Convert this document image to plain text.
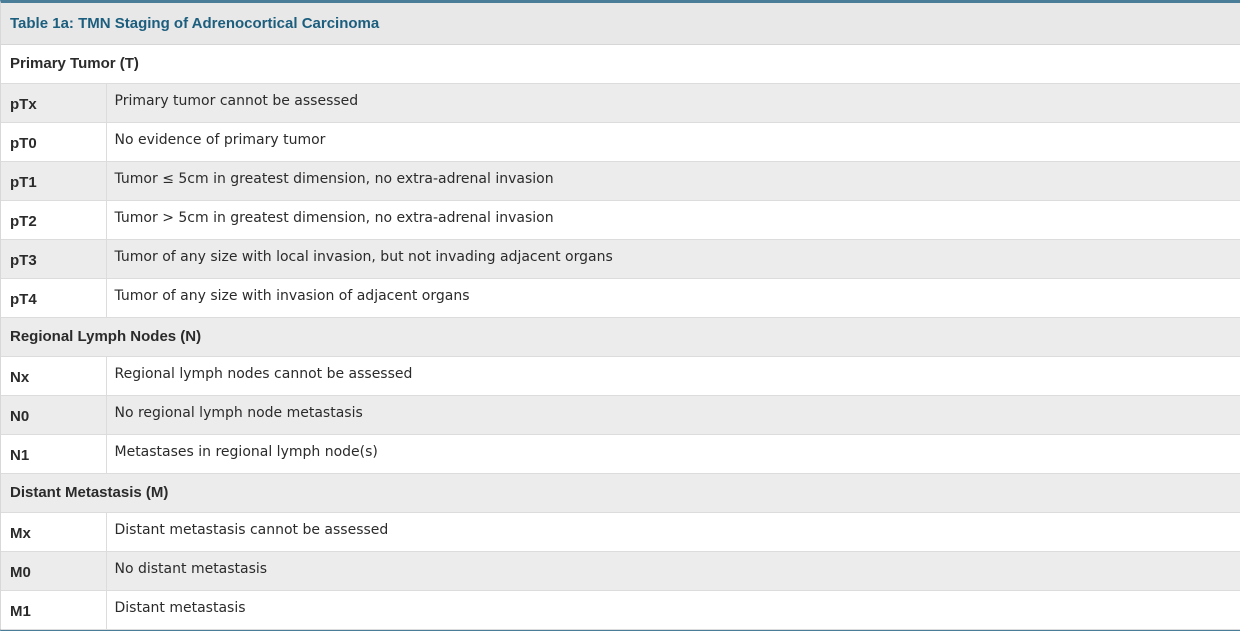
Table 1a: TMN Staging of Adrenocortical Carcinoma	
Primary Tumor (T)	
pTx	Primary tumor cannot be assessed
pT0	No evidence of primary tumor
pT1	Tumor ≤ 5cm in greatest dimension, no extra-adrenal invasion
pT2	Tumor > 5cm in greatest dimension, no extra-adrenal invasion
pT3	Tumor of any size with local invasion, but not invading adjacent organs
pT4	Tumor of any size with invasion of adjacent organs
Regional Lymph Nodes (N)	
Nx	Regional lymph nodes cannot be assessed
N0	No regional lymph node metastasis
N1	Metastases in regional lymph node(s)
Distant Metastasis (M)	
Mx	Distant metastasis cannot be assessed
M0	No distant metastasis
M1	Distant metastasis
